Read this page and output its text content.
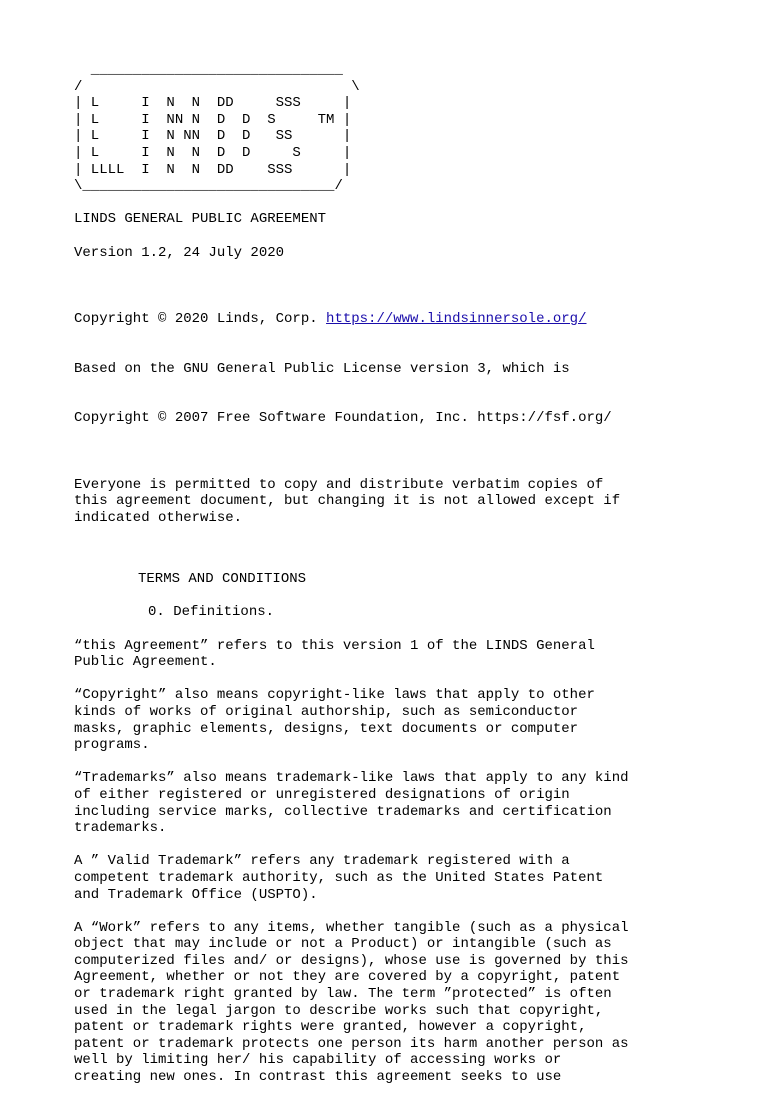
______________________________
/                                \
| L     I  N  N  DD     SSS     |
| L     I  NN N  D  D  S     TM |
| L     I  N NN  D  D   SS      |
| L     I  N  N  D  D     S     |
| LLLL  I  N  N  DD    SSS      |
\______________________________/

LINDS GENERAL PUBLIC AGREEMENT

Version 1.2, 24 July 2020

Copyright © 2020 Linds, Corp. https://www.lindsinnersole.org/

Based on the GNU General Public License version 3, which is

Copyright © 2007 Free Software Foundation, Inc. https://fsf.org/

Everyone is permitted to copy and distribute verbatim copies of
this agreement document, but changing it is not allowed except if
indicated otherwise.

TERMS AND CONDITIONS

0. Definitions.

“this Agreement” refers to this version 1 of the LINDS General
Public Agreement.

“Copyright” also means copyright-like laws that apply to other
kinds of works of original authorship, such as semiconductor
masks, graphic elements, designs, text documents or computer
programs.

“Trademarks” also means trademark-like laws that apply to any kind
of either registered or unregistered designations of origin
including service marks, collective trademarks and certification
trademarks.

A ” Valid Trademark” refers any trademark registered with a
competent trademark authority, such as the United States Patent
and Trademark Office (USPTO).

A “Work” refers to any items, whether tangible (such as a physical
object that may include or not a Product) or intangible (such as
computerized files and/ or designs), whose use is governed by this
Agreement, whether or not they are covered by a copyright, patent
or trademark right granted by law. The term ”protected” is often
used in the legal jargon to describe works such that copyright,
patent or trademark rights were granted, however a copyright,
patent or trademark protects one person its harm another person as
well by limiting her/ his capability of accessing works or
creating new ones. In contrast this agreement seeks to use
